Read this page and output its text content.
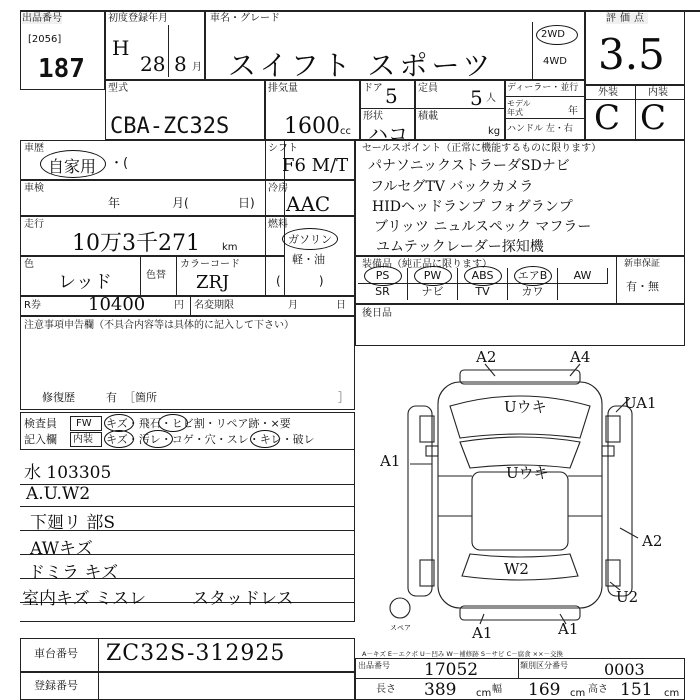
出品番号
[2056]
187
初度登録年月
H
28 8 月
車名・グレード
スイフト スポーツ
2WD
4WD
評価点
3.5
型式
CBA-ZC32S
排気量
1600 cc
ドア 5
形状
ハコ
定員 5 人
積載
kg
ディーラー・並行
モデル年式	年
ハンドル 左・右
外装	内装
C C
車歴
自家用 ・(
車検
年	月(	日)
走行
10万3千271 km
色
レッド	色替
カラーコード
ZRJ
シフト
F6 M/T
冷房
AAC
燃料
ガソリン
軽・油
(          )
R券	10400	円 名変期限	月	日
注意事項申告欄（不具合内容等は具体的に記入して下さい）
修復歴	有 ［箇所	］
検査員
記入欄
FW キズ・飛石・ヒビ割・リペア跡・×要
内装 キズ・汚レ・コゲ・穴・スレ・キレ・破レ
水 103305
A.U.W2
下廻リ 部S
AWキズ
ドミラ キズ
室内キズ ミスレ	スタッドレス
セールスポイント（正常に機能するものに限ります）
パナソニックストラーダSDナビ
フルセグTV バックカメラ
HIDヘッドランプ フォグランプ
ブリッツ ニュルスペック マフラー
ユムテックレーダー探知機
装備品（純正品に限ります）	新車保証
有・無
PS	PW	ABS	エアB	AW
SR	ナビ	TV	カワ
後日品
A2	A4
Uウキ	UA1
A1
Uウキ
A2
W2
U2
A1	A1
スペア
車台番号 ZC32S-312925
登録番号
A－キズ E－エクボ U－凹み W－補修跡 S－サビ C－腐食 ××－交換
出品番号 17052	類別区分番号 0003
長さ 389 cm 幅 169 cm 高さ 151 cm
